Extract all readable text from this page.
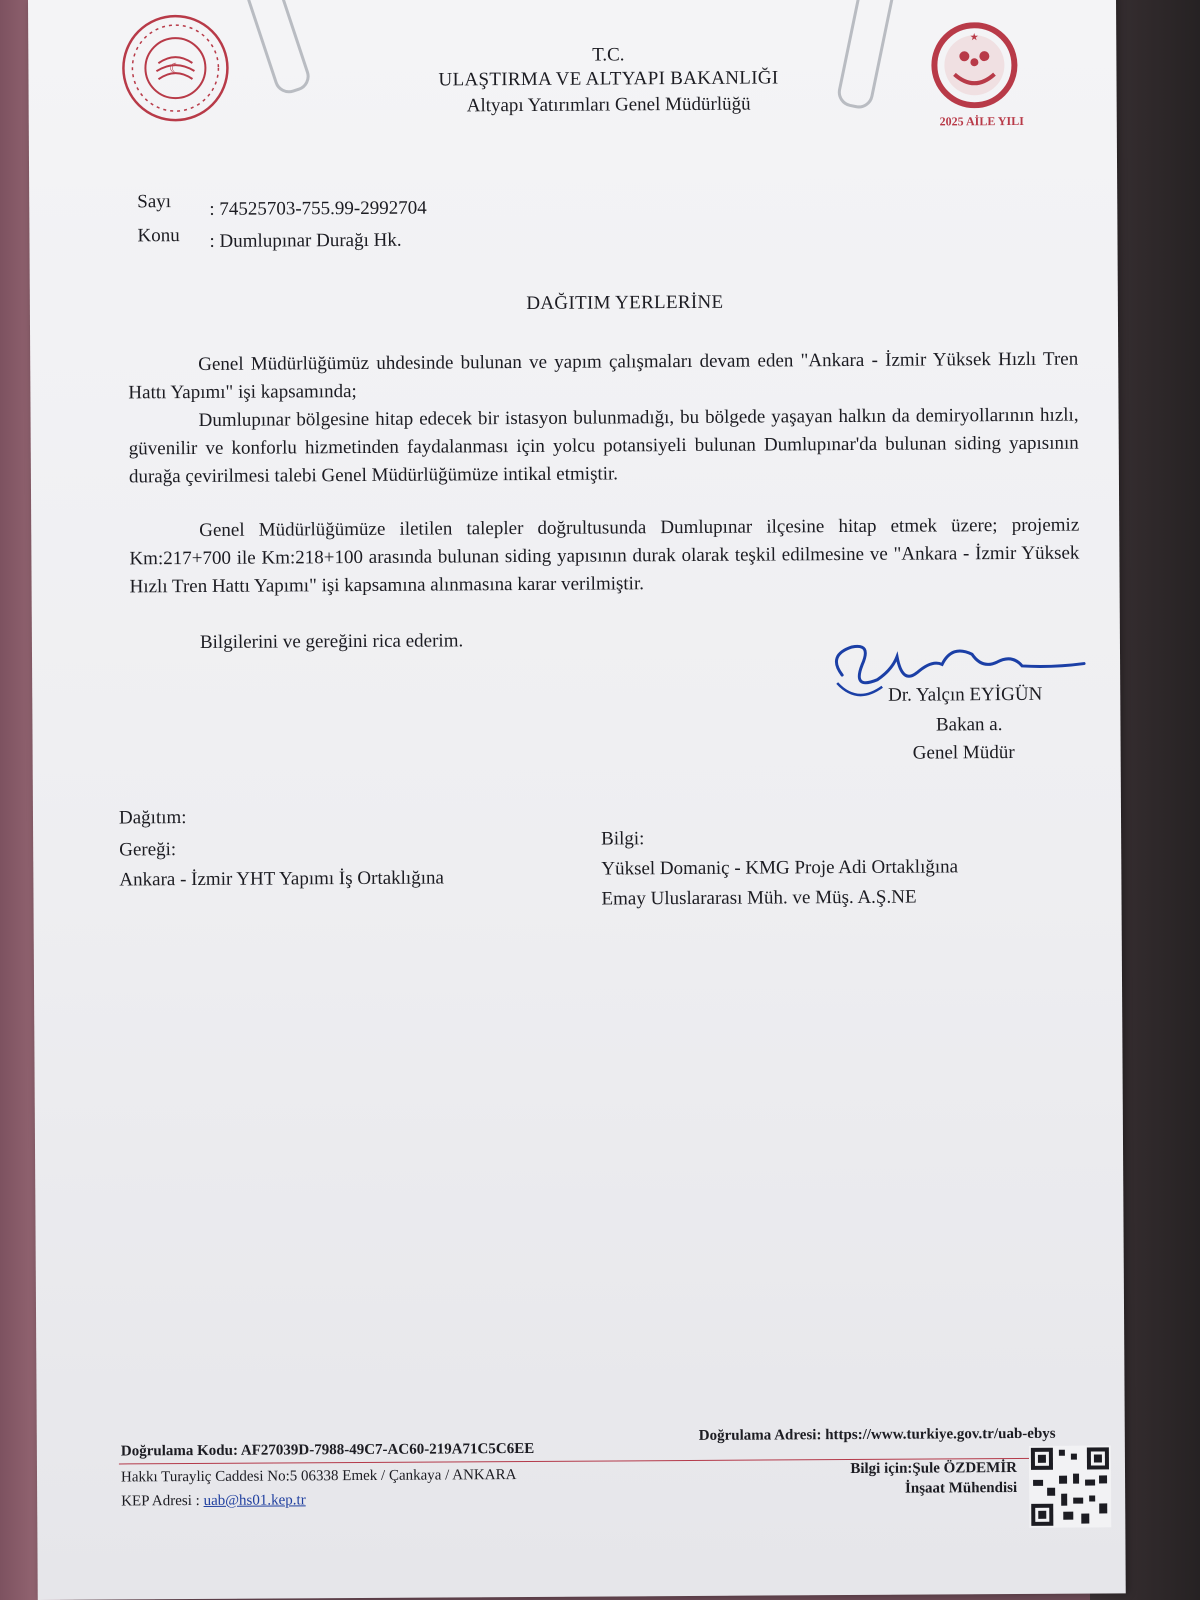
☾
★
2025 AİLE YILI
T.C.
ULAŞTIRMA VE ALTYAPI BAKANLIĞI
Altyapı Yatırımları Genel Müdürlüğü
Sayı : 74525703-755.99-2992704
Konu : Dumlupınar Durağı Hk.
DAĞITIM YERLERİNE
Genel Müdürlüğümüz uhdesinde bulunan ve yapım çalışmaları devam eden "Ankara - İzmir Yüksek Hızlı Tren Hattı Yapımı" işi kapsamında;
Dumlupınar bölgesine hitap edecek bir istasyon bulunmadığı, bu bölgede yaşayan halkın da demiryollarının hızlı, güvenilir ve konforlu hizmetinden faydalanması için yolcu potansiyeli bulunan Dumlupınar'da bulunan siding yapısının durağa çevirilmesi talebi Genel Müdürlüğümüze intikal etmiştir.
Genel Müdürlüğümüze iletilen talepler doğrultusunda Dumlupınar ilçesine hitap etmek üzere; projemiz Km:217+700 ile Km:218+100 arasında bulunan siding yapısının durak olarak teşkil edilmesine ve "Ankara - İzmir Yüksek Hızlı Tren Hattı Yapımı" işi kapsamına alınmasına karar verilmiştir.
Bilgilerini ve gereğini rica ederim.
Dr. Yalçın EYİGÜN
Bakan a.
Genel Müdür
Dağıtım:
Gereği:
Ankara - İzmir YHT Yapımı İş Ortaklığına
Bilgi:
Yüksel Domaniç - KMG Proje Adi Ortaklığına
Emay Uluslararası Müh. ve Müş. A.Ş.NE
Doğrulama Kodu: AF27039D-7988-49C7-AC60-219A71C5C6EE
Doğrulama Adresi: https://www.turkiye.gov.tr/uab-ebys
Hakkı Turayliç Caddesi No:5 06338 Emek / Çankaya / ANKARA
KEP Adresi : uab@hs01.kep.tr
Bilgi için:Şule ÖZDEMİR
İnşaat Mühendisi
